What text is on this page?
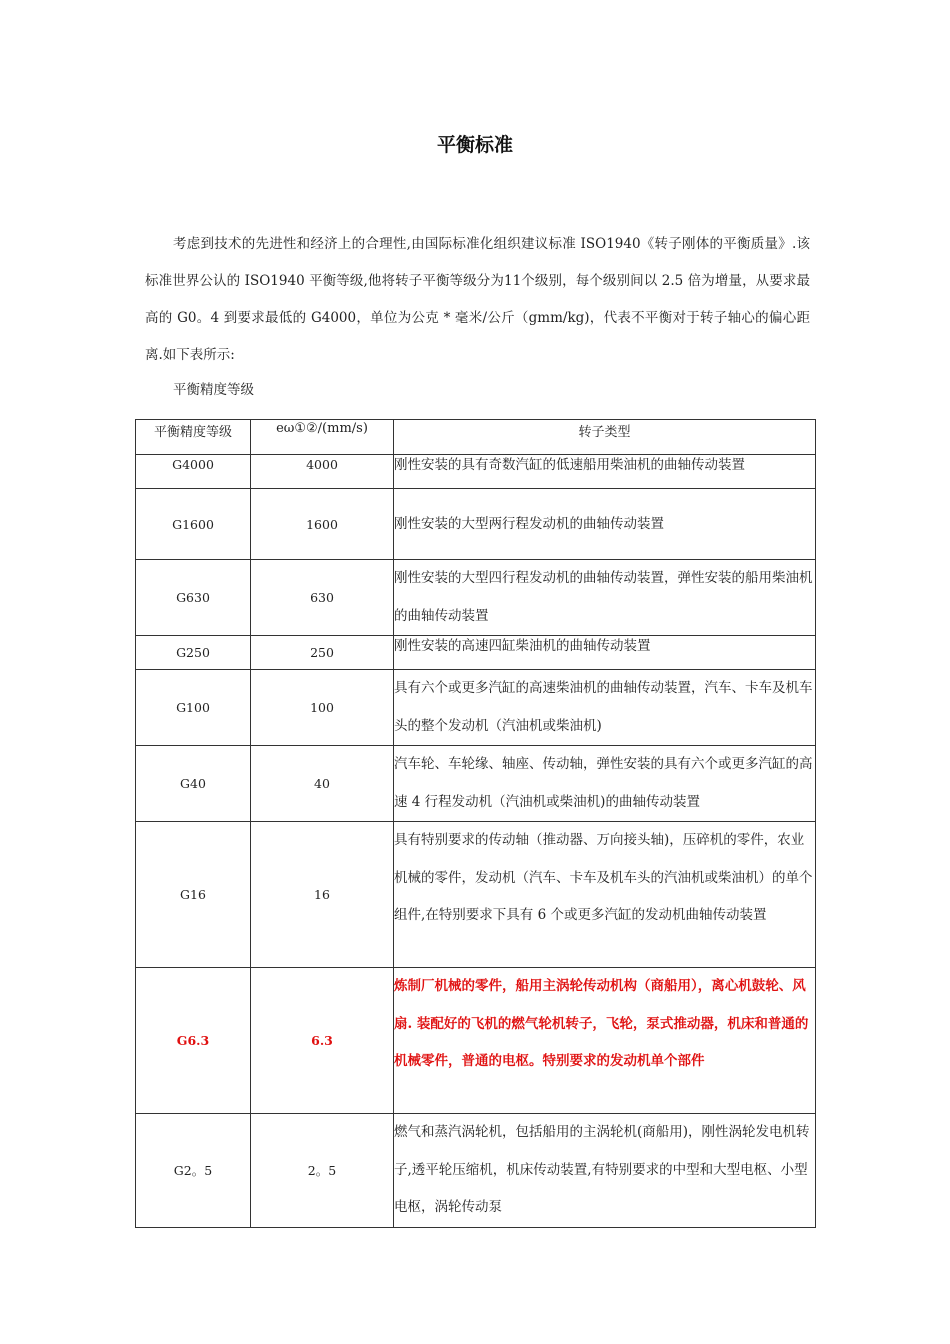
平衡标准
考虑到技术的先进性和经济上的合理性,由国际标准化组织建议标准 ISO1940《转子刚体的平衡质量》.该标准世界公认的 ISO1940 平衡等级,他将转子平衡等级分为11个级别，每个级别间以 2.5 倍为增量，从要求最高的 G0。4 到要求最低的 G4000，单位为公克 * 毫米/公斤（gmm/kg)，代表不平衡对于转子轴心的偏心距离.如下表所示:
平衡精度等级
平衡精度等级	eω①②/(mm/s)	转子类型
G4000	4000	刚性安装的具有奇数汽缸的低速船用柴油机的曲轴传动装置
G1600	1600	刚性安装的大型两行程发动机的曲轴传动装置
G630	630	刚性安装的大型四行程发动机的曲轴传动装置，弹性安装的船用柴油机的曲轴传动装置
G250	250	刚性安装的高速四缸柴油机的曲轴传动装置
G100	100	具有六个或更多汽缸的高速柴油机的曲轴传动装置，汽车、卡车及机车头的整个发动机（汽油机或柴油机)
G40	40	汽车轮、车轮缘、轴座、传动轴，弹性安装的具有六个或更多汽缸的高速 4 行程发动机（汽油机或柴油机)的曲轴传动装置
G16	16	具有特别要求的传动轴（推动器、万向接头轴)，压碎机的零件，农业机械的零件，发动机（汽车、卡车及机车头的汽油机或柴油机）的单个组件,在特别要求下具有 6 个或更多汽缸的发动机曲轴传动装置
G6.3	6.3	炼制厂机械的零件，船用主涡轮传动机构（商船用），离心机鼓轮、风扇. 装配好的飞机的燃气轮机转子，飞轮，泵式推动器，机床和普通的机械零件，普通的电枢。特别要求的发动机单个部件
G2。5	2。5	燃气和蒸汽涡轮机，包括船用的主涡轮机(商船用)，刚性涡轮发电机转子,透平轮压缩机，机床传动装置,有特别要求的中型和大型电枢、小型电枢，涡轮传动泵
